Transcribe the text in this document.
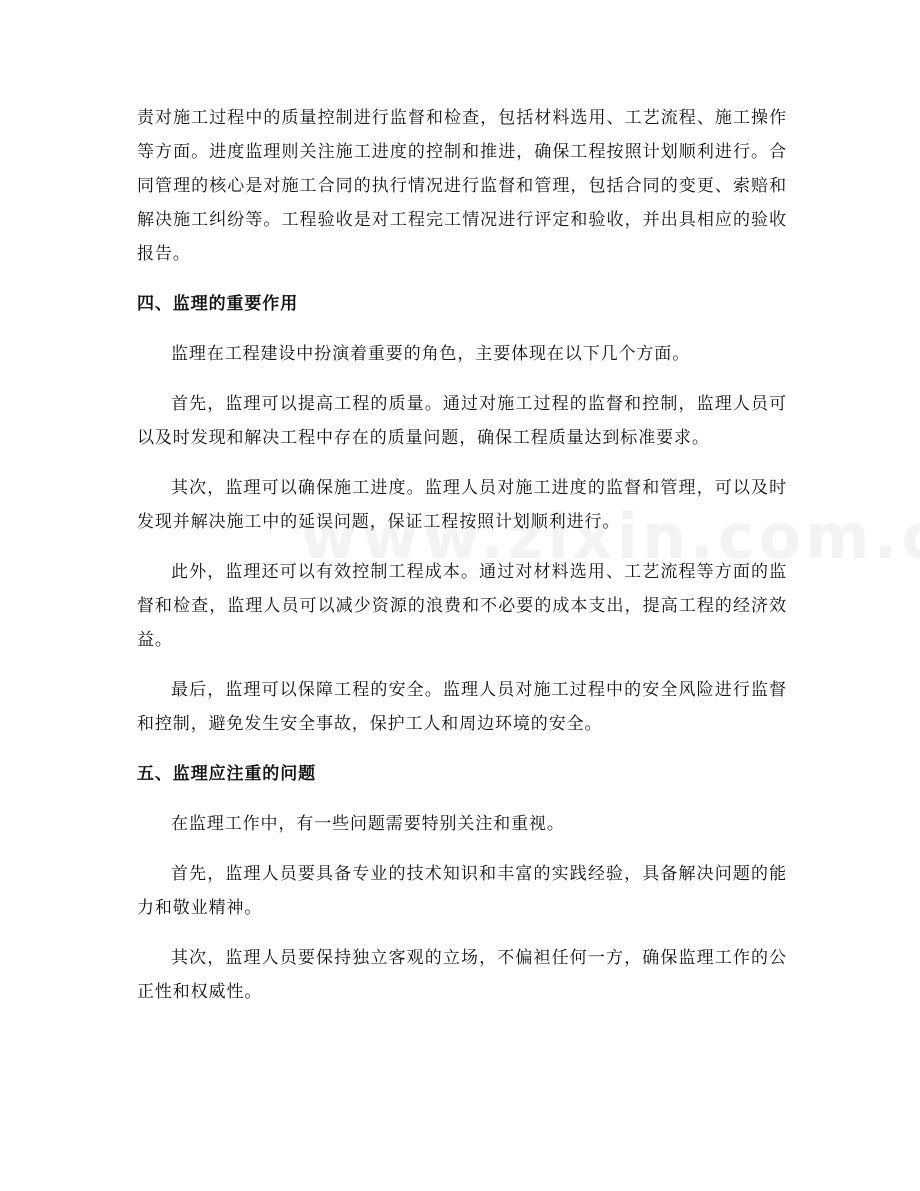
责对施工过程中的质量控制进行监督和检查，包括材料选用、工艺流程、施工操作等方面。进度监理则关注施工进度的控制和推进，确保工程按照计划顺利进行。合同管理的核心是对施工合同的执行情况进行监督和管理，包括合同的变更、索赔和解决施工纠纷等。工程验收是对工程完工情况进行评定和验收，并出具相应的验收报告。

四、监理的重要作用

监理在工程建设中扮演着重要的角色，主要体现在以下几个方面。

首先，监理可以提高工程的质量。通过对施工过程的监督和控制，监理人员可以及时发现和解决工程中存在的质量问题，确保工程质量达到标准要求。

其次，监理可以确保施工进度。监理人员对施工进度的监督和管理，可以及时发现并解决施工中的延误问题，保证工程按照计划顺利进行。

此外，监理还可以有效控制工程成本。通过对材料选用、工艺流程等方面的监督和检查，监理人员可以减少资源的浪费和不必要的成本支出，提高工程的经济效益。

最后，监理可以保障工程的安全。监理人员对施工过程中的安全风险进行监督和控制，避免发生安全事故，保护工人和周边环境的安全。

五、监理应注重的问题

在监理工作中，有一些问题需要特别关注和重视。

首先，监理人员要具备专业的技术知识和丰富的实践经验，具备解决问题的能力和敬业精神。

其次，监理人员要保持独立客观的立场，不偏袒任何一方，确保监理工作的公正性和权威性。
